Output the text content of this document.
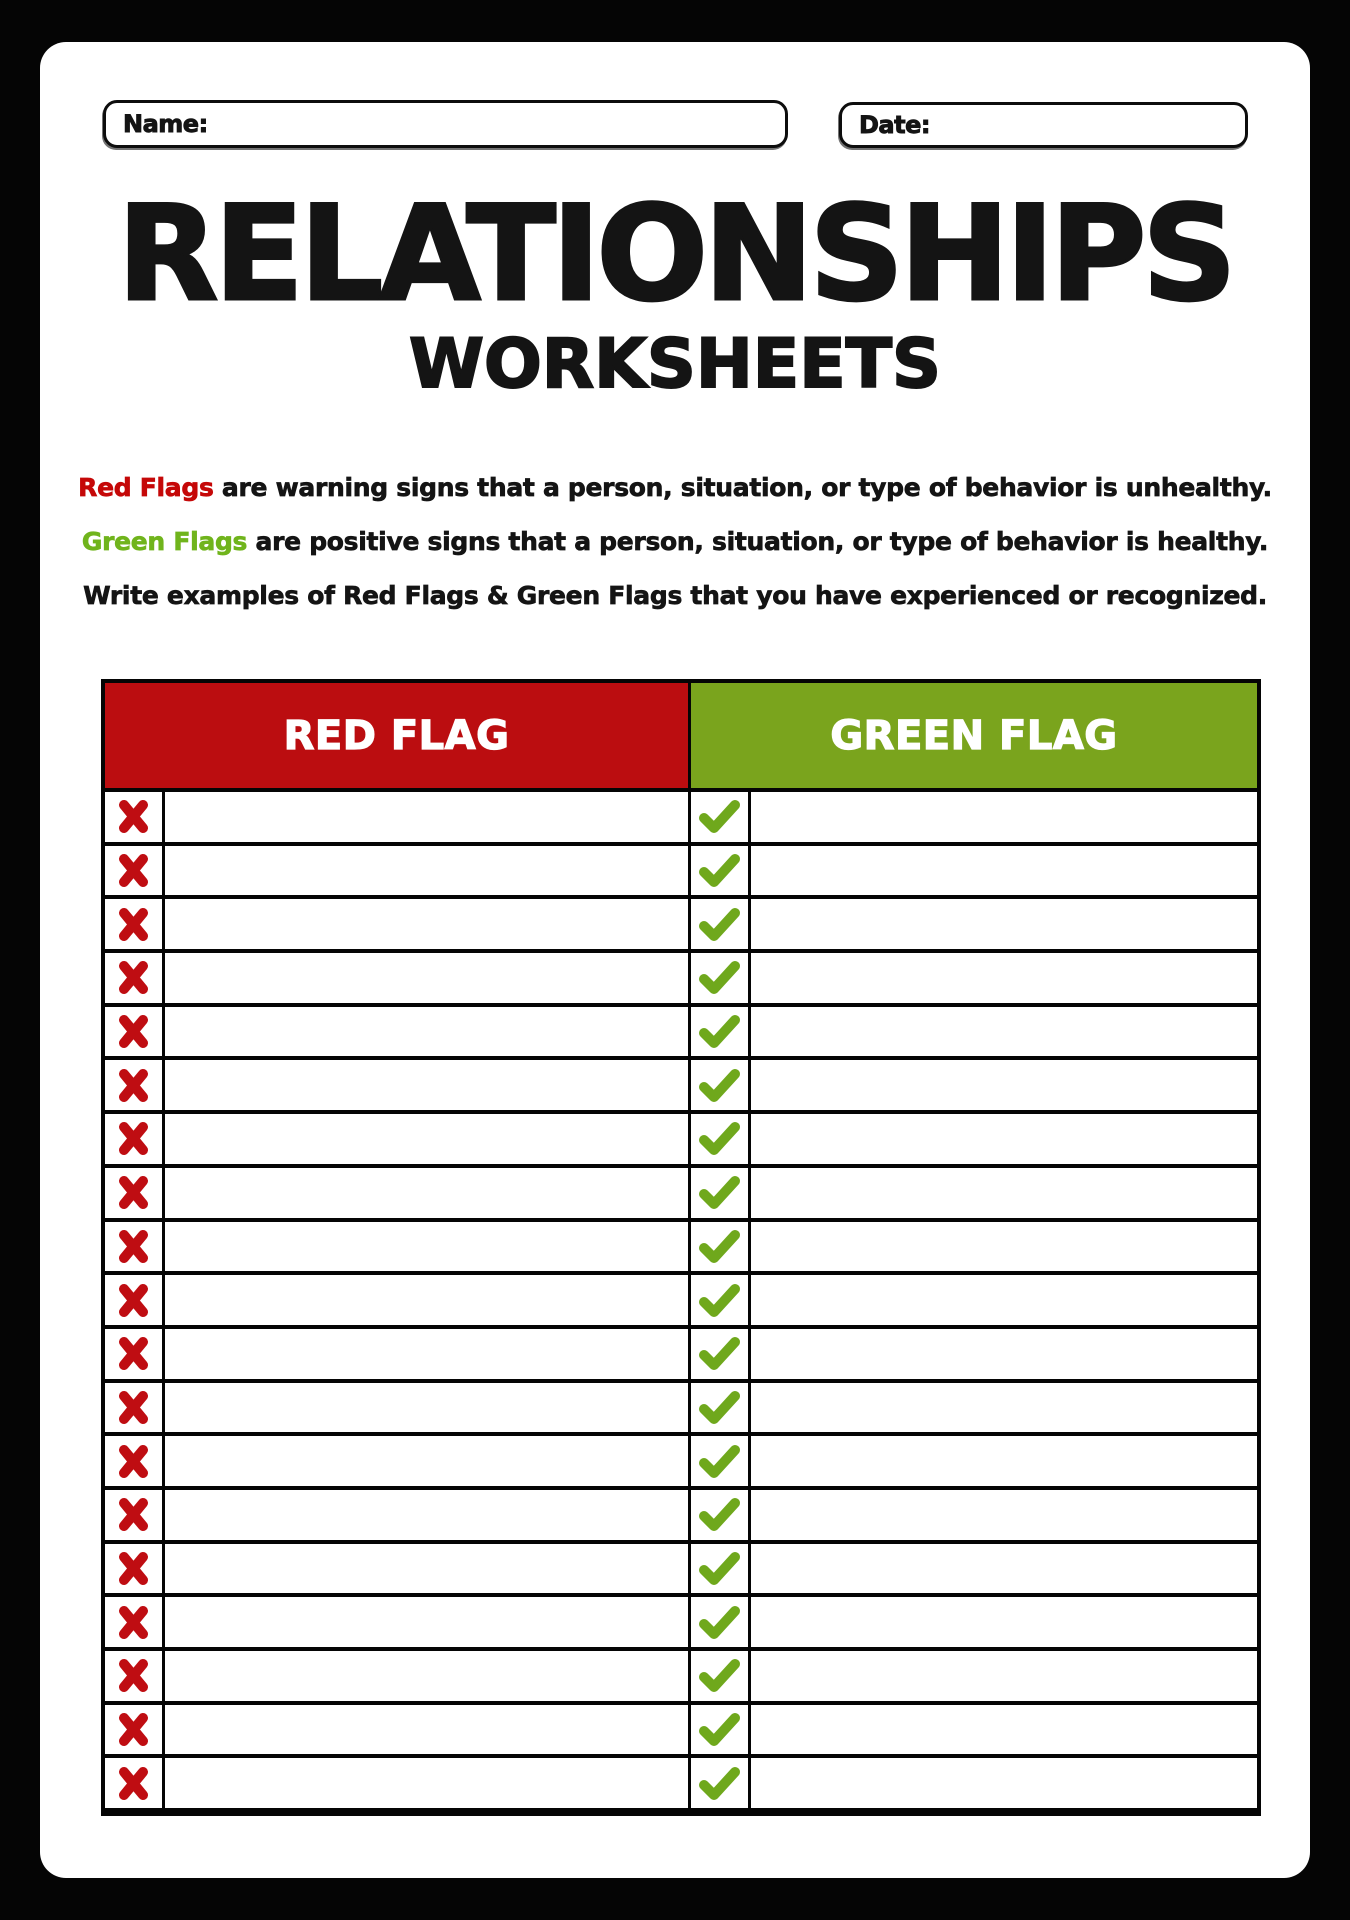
Name:	Date:
RELATIONSHIPS
WORKSHEETS
Red Flags are warning signs that a person, situation, or type of behavior is unhealthy.
Green Flags are positive signs that a person, situation, or type of behavior is healthy.
Write examples of Red Flags & Green Flags that you have experienced or recognized.
RED FLAG	GREEN FLAG
